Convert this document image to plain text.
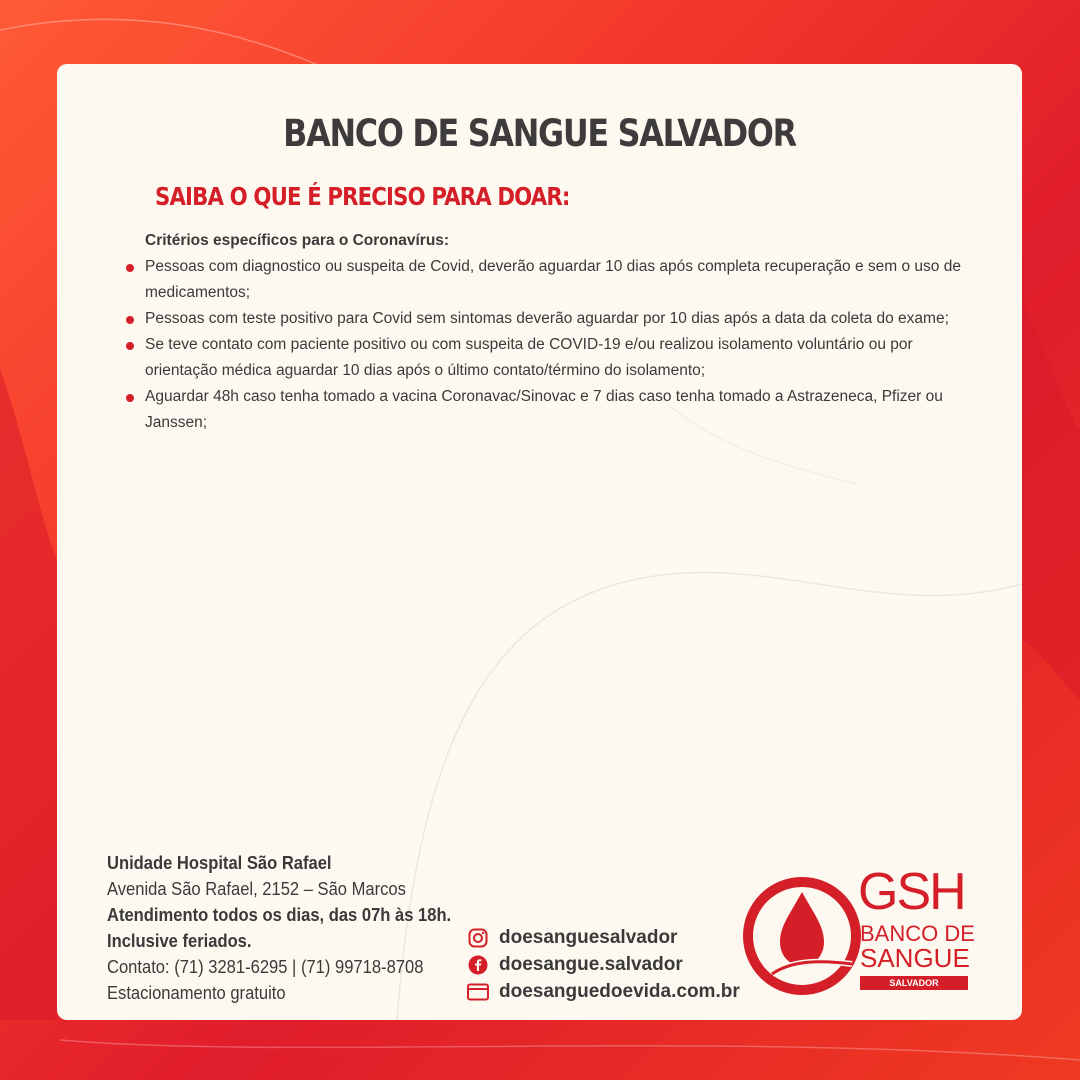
BANCO DE SANGUE SALVADOR
SAIBA O QUE É PRECISO PARA DOAR:
Critérios específicos para o Coronavírus:
Pessoas com diagnostico ou suspeita de Covid, deverão aguardar 10 dias após completa recuperação e sem o uso de medicamentos;
Pessoas com teste positivo para Covid sem sintomas deverão aguardar por 10 dias após a data da coleta do exame;
Se teve contato com paciente positivo ou com suspeita de COVID-19 e/ou realizou isolamento voluntário ou por orientação médica aguardar 10 dias após o último contato/término do isolamento;
Aguardar 48h caso tenha tomado a vacina Coronavac/Sinovac e 7 dias caso tenha tomado a Astrazeneca, Pfizer ou Janssen;
Unidade Hospital São Rafael
Avenida São Rafael, 2152 – São Marcos
Atendimento todos os dias, das 07h às 18h.
Inclusive feriados.
Contato: (71) 3281-6295 | (71) 99718-8708
Estacionamento gratuito
doesanguesalvador
doesangue.salvador
doesanguedoevida.com.br
GSH
BANCO DE
SANGUE
SALVADOR
